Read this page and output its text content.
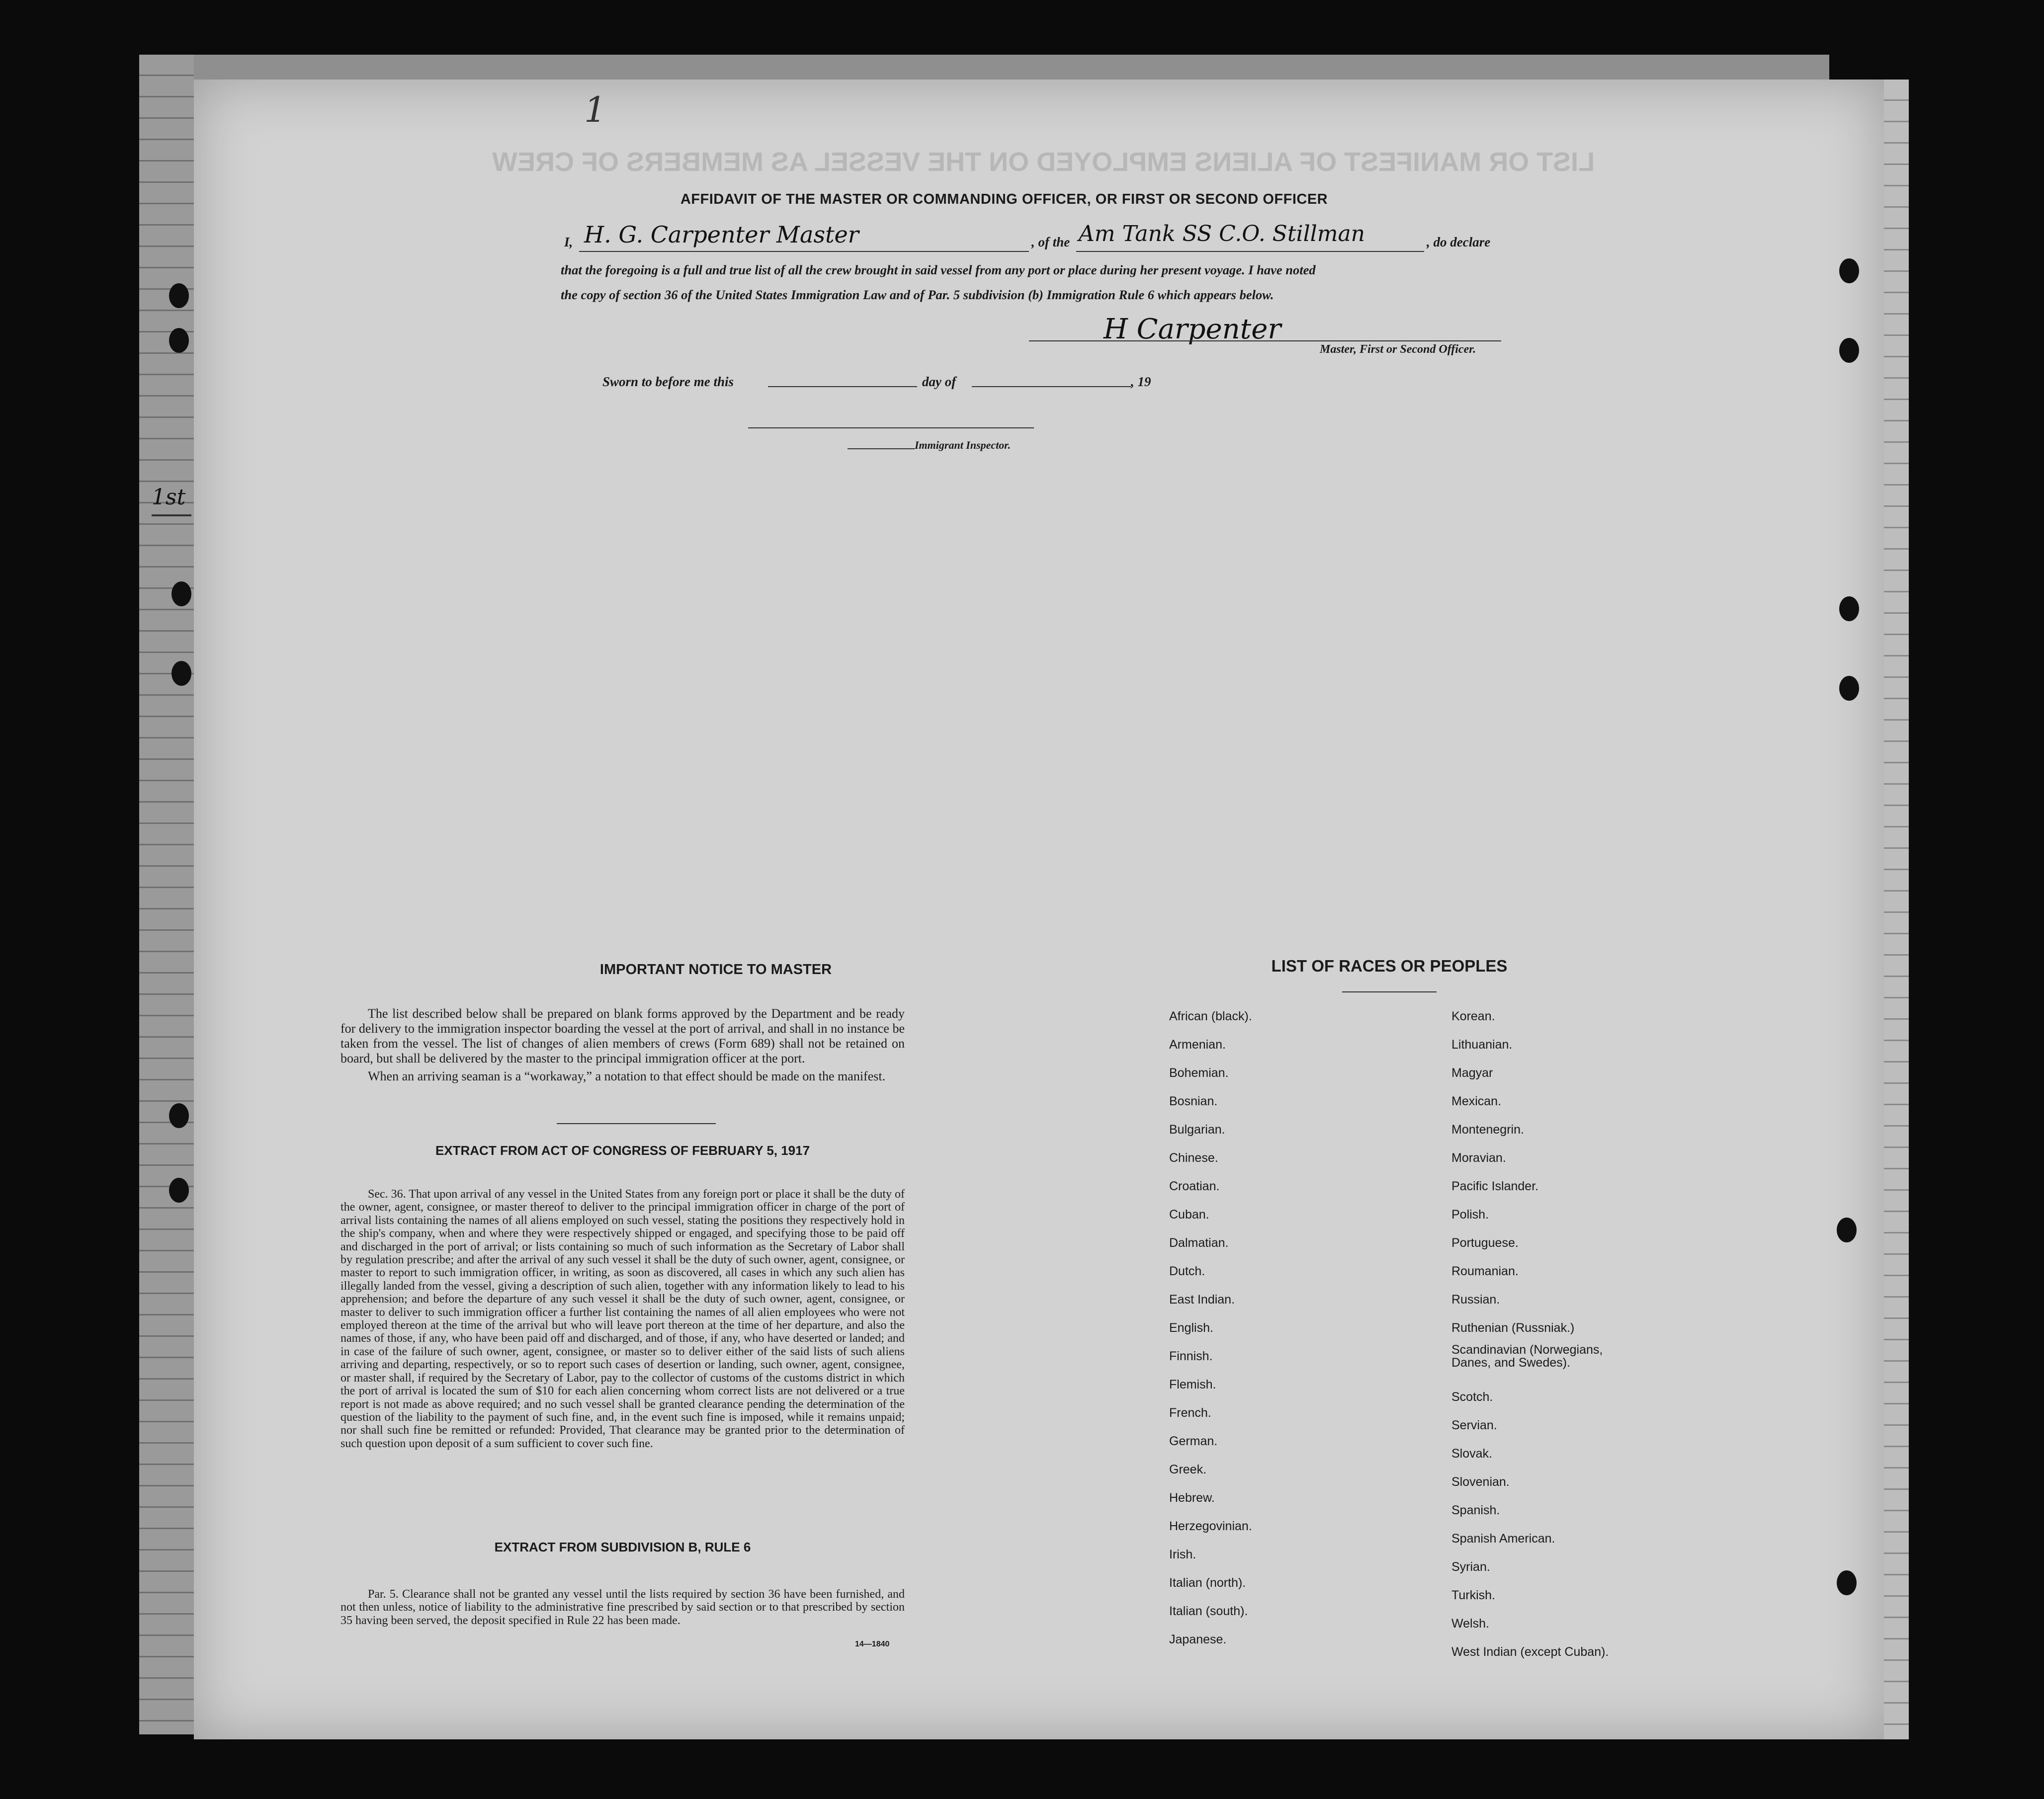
LIST OR MANIFEST OF ALIENS EMPLOYED ON THE VESSEL AS MEMBERS OF CREW
1
1st
AFFIDAVIT OF THE MASTER OR COMMANDING OFFICER, OR FIRST OR SECOND OFFICER
I, H. G. Carpenter Master	, of the Am Tank SS C.O. Stillman	, do declare
that the foregoing is a full and true list of all the crew brought in said vessel from any port or place during her present voyage. I have noted
the copy of section 36 of the United States Immigration Law and of Par. 5 subdivision (b) Immigration Rule 6 which appears below.
H Carpenter
Master, First or Second Officer.
Sworn to before me this	day of	, 19
Immigrant Inspector.
IMPORTANT NOTICE TO MASTER

The list described below shall be prepared on blank forms approved by the Department and be ready for delivery to the immigration inspector boarding the vessel at the port of arrival, and shall in no instance be taken from the vessel. The list of changes of alien members of crews (Form 689) shall not be retained on board, but shall be delivered by the master to the principal immigration officer at the port.

When an arriving seaman is a “workaway,” a notation to that effect should be made on the manifest.

EXTRACT FROM ACT OF CONGRESS OF FEBRUARY 5, 1917

Sec. 36. That upon arrival of any vessel in the United States from any foreign port or place it shall be the duty of the owner, agent, consignee, or master thereof to deliver to the principal immigration officer in charge of the port of arrival lists containing the names of all aliens employed on such vessel, stating the positions they respectively hold in the ship's company, when and where they were respectively shipped or engaged, and specifying those to be paid off and discharged in the port of arrival; or lists containing so much of such information as the Secretary of Labor shall by regulation prescribe; and after the arrival of any such vessel it shall be the duty of such owner, agent, consignee, or master to report to such immigration officer, in writing, as soon as discovered, all cases in which any such alien has illegally landed from the vessel, giving a description of such alien, together with any information likely to lead to his apprehension; and before the departure of any such vessel it shall be the duty of such owner, agent, consignee, or master to deliver to such immigration officer a further list containing the names of all alien employees who were not employed thereon at the time of the arrival but who will leave port thereon at the time of her departure, and also the names of those, if any, who have been paid off and discharged, and of those, if any, who have deserted or landed; and in case of the failure of such owner, agent, consignee, or master so to deliver either of the said lists of such aliens arriving and departing, respectively, or so to report such cases of desertion or landing, such owner, agent, consignee, or master shall, if required by the Secretary of Labor, pay to the collector of customs of the customs district in which the port of arrival is located the sum of $10 for each alien concerning whom correct lists are not delivered or a true report is not made as above required; and no such vessel shall be granted clearance pending the determination of the question of the liability to the payment of such fine, and, in the event such fine is imposed, while it remains unpaid; nor shall such fine be remitted or refunded: Provided, That clearance may be granted prior to the determination of such question upon deposit of a sum sufficient to cover such fine.

EXTRACT FROM SUBDIVISION B, RULE 6

Par. 5. Clearance shall not be granted any vessel until the lists required by section 36 have been furnished, and not then unless, notice of liability to the administrative fine prescribed by said section or to that prescribed by section 35 having been served, the deposit specified in Rule 22 has been made.

14—1840
LIST OF RACES OR PEOPLES
African (black).
Armenian.
Bohemian.
Bosnian.
Bulgarian.
Chinese.
Croatian.
Cuban.
Dalmatian.
Dutch.
East Indian.
English.
Finnish.
Flemish.
French.
German.
Greek.
Hebrew.
Herzegovinian.
Irish.
Italian (north).
Italian (south).
Japanese.
Korean.
Lithuanian.
Magyar
Mexican.
Montenegrin.
Moravian.
Pacific Islander.
Polish.
Portuguese.
Roumanian.
Russian.
Ruthenian (Russniak.)
Scandinavian (Norwegians, Danes, and Swedes).
Scotch.
Servian.
Slovak.
Slovenian.
Spanish.
Spanish American.
Syrian.
Turkish.
Welsh.
West Indian (except Cuban).
